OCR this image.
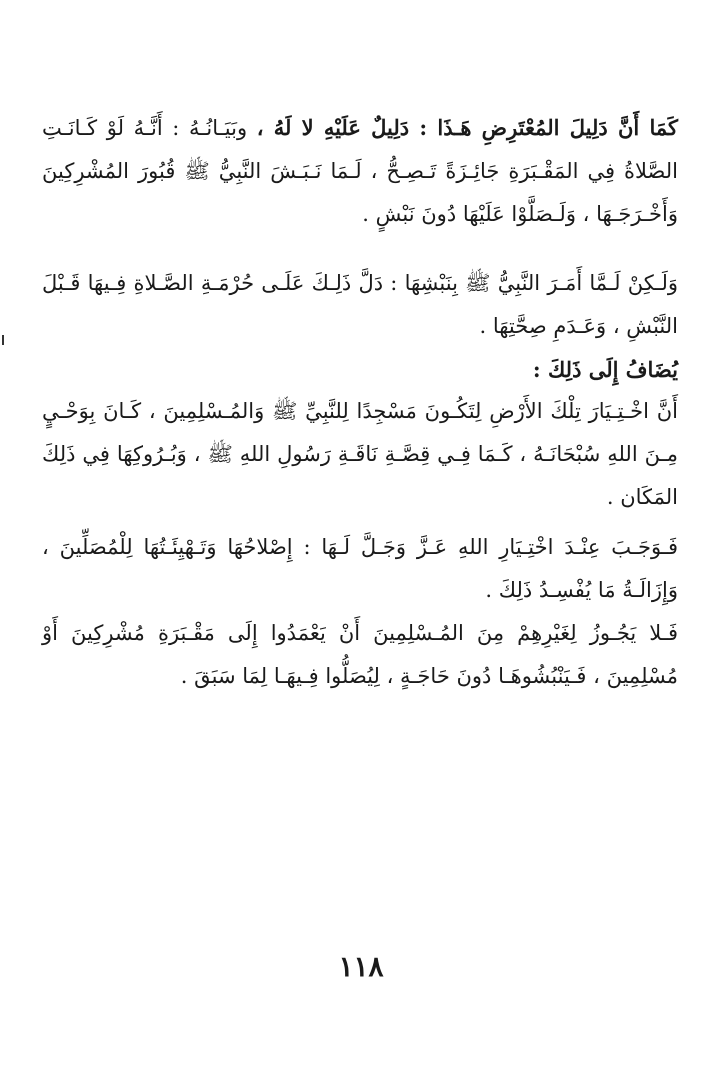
كَمَا أَنَّ دَلِيلَ المُعْتَرِضِ هَـذَا : دَلِيلٌ عَلَيْهِ لا لَهُ ، وبَيَـانُـهُ : أَنَّـهُ لَوْ كَـانَـتِ الصَّلاةُ فِي المَقْـبَرَةِ جَائِـزَةً تَـصِـحُّ ، لَـمَا نَـبَـشَ النَّبِيُّ ﷺ قُبُورَ المُشْرِكِينَ وَأَخْـرَجَـهَا ، وَلَـصَلَّوْا عَلَيْهَا دُونَ نَبْشٍ .

وَلَـكِنْ لَـمَّا أَمَـرَ النَّبِيُّ ﷺ بِنَبْشِهَا : دَلَّ ذَلِـكَ عَلَـى حُرْمَـةِ الصَّـلاةِ فِـيهَا قَـبْلَ النَّبْشِ ، وَعَـدَمِ صِحَّتِهَا .

يُضَافُ إِلَى ذَلِكَ :

أَنَّ اخْـتِـيَارَ تِلْكَ الأَرْضِ لِتَكُـونَ مَسْجِدًا لِلنَّبِيِّ ﷺ وَالمُـسْلِمِينَ ، كَـانَ بِوَحْـيٍ مِـنَ اللهِ سُبْحَانَـهُ ، كَـمَا فِـي قِصَّـةِ نَاقَـةِ رَسُولِ اللهِ ﷺ ، وَبُـرُوكِهَا فِي ذَلِكَ المَكَان .

فَـوَجَـبَ عِنْـدَ اخْتِـيَارِ اللهِ عَـزَّ وَجَـلَّ لَـهَا : إِصْلاحُهَا وَتَـهْيِئَـتُهَا لِلْمُصَلِّينَ ، وَإِزَالَـةُ مَا يُفْسِـدُ ذَلِكَ .

فَـلا يَجُـوزُ لِغَيْرِهِمْ مِنَ المُـسْلِمِينَ أَنْ يَعْمَدُوا إِلَى مَقْـبَرَةِ مُشْرِكِينَ أَوْ مُسْلِمِينَ ، فَـيَنْبُشُوهَـا دُونَ حَاجَـةٍ ، لِيُصَلُّوا فِـيهَـا لِمَا سَبَقَ .

١١٨
